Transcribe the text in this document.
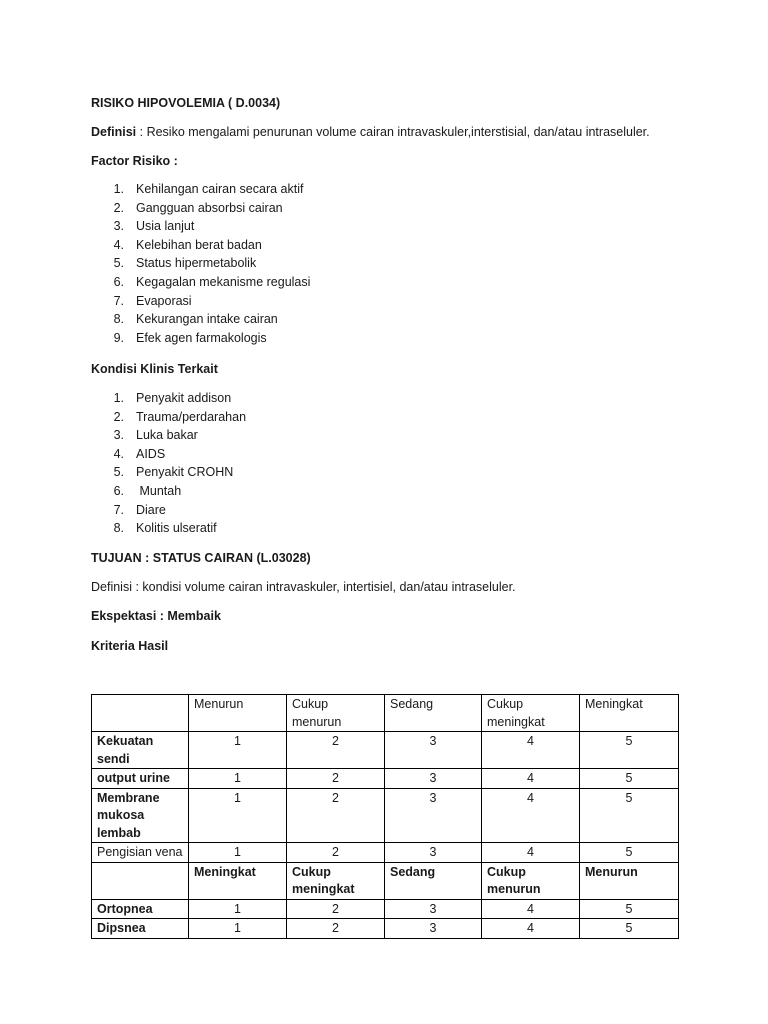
RISIKO HIPOVOLEMIA ( D.0034)
Definisi : Resiko mengalami penurunan volume cairan intravaskuler,interstisial, dan/atau intraseluler.
Factor Risiko :
1. Kehilangan cairan secara aktif
2. Gangguan absorbsi cairan
3. Usia lanjut
4. Kelebihan berat badan
5. Status hipermetabolik
6. Kegagalan mekanisme regulasi
7. Evaporasi
8. Kekurangan intake cairan
9. Efek agen farmakologis
Kondisi Klinis Terkait
1. Penyakit addison
2. Trauma/perdarahan
3. Luka bakar
4. AIDS
5. Penyakit CROHN
6. Muntah
7. Diare
8. Kolitis ulseratif
TUJUAN : STATUS CAIRAN (L.03028)
Definisi : kondisi volume cairan intravaskuler, intertisiel, dan/atau intraseluler.
Ekspektasi : Membaik
Kriteria Hasil
	Menurun	Cukup menurun	Sedang	Cukup meningkat	Meningkat
Kekuatan sendi	1	2	3	4	5
output urine	1	2	3	4	5
Membrane mukosa lembab	1	2	3	4	5
Pengisian vena	1	2	3	4	5
	Meningkat	Cukup meningkat	Sedang	Cukup menurun	Menurun
Ortopnea	1	2	3	4	5
Dipsnea	1	2	3	4	5
